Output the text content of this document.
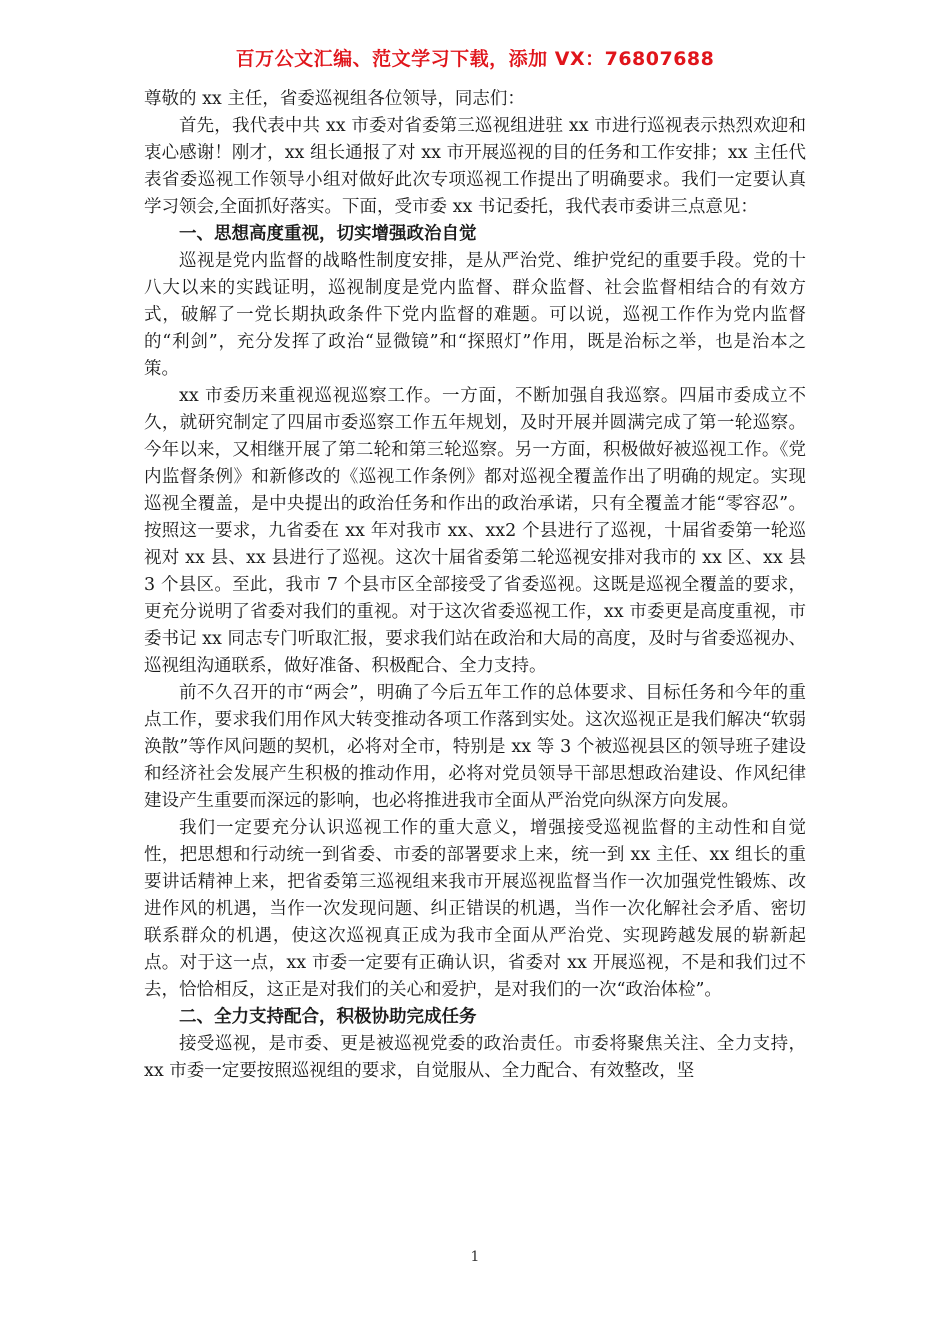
百万公文汇编、范文学习下载，添加 VX：76807688

尊敬的 xx 主任，省委巡视组各位领导，同志们：

首先，我代表中共 xx 市委对省委第三巡视组进驻 xx 市进行巡视表示热烈欢迎和衷心感谢！刚才，xx 组长通报了对 xx 市开展巡视的目的任务和工作安排；xx 主任代表省委巡视工作领导小组对做好此次专项巡视工作提出了明确要求。我们一定要认真学习领会,全面抓好落实。下面，受市委 xx 书记委托，我代表市委讲三点意见：

一、思想高度重视，切实增强政治自觉

巡视是党内监督的战略性制度安排，是从严治党、维护党纪的重要手段。党的十八大以来的实践证明，巡视制度是党内监督、群众监督、社会监督相结合的有效方式，破解了一党长期执政条件下党内监督的难题。可以说，巡视工作作为党内监督的“利剑”，充分发挥了政治“显微镜”和“探照灯”作用，既是治标之举，也是治本之策。

xx 市委历来重视巡视巡察工作。一方面，不断加强自我巡察。四届市委成立不久，就研究制定了四届市委巡察工作五年规划，及时开展并圆满完成了第一轮巡察。今年以来，又相继开展了第二轮和第三轮巡察。另一方面，积极做好被巡视工作。《党内监督条例》和新修改的《巡视工作条例》都对巡视全覆盖作出了明确的规定。实现巡视全覆盖，是中央提出的政治任务和作出的政治承诺，只有全覆盖才能“零容忍”。按照这一要求，九省委在 xx 年对我市 xx、xx2 个县进行了巡视，十届省委第一轮巡视对 xx 县、xx 县进行了巡视。这次十届省委第二轮巡视安排对我市的 xx 区、xx 县 3 个县区。至此，我市 7 个县市区全部接受了省委巡视。这既是巡视全覆盖的要求，更充分说明了省委对我们的重视。对于这次省委巡视工作，xx 市委更是高度重视，市委书记 xx 同志专门听取汇报，要求我们站在政治和大局的高度，及时与省委巡视办、巡视组沟通联系，做好准备、积极配合、全力支持。

前不久召开的市“两会”，明确了今后五年工作的总体要求、目标任务和今年的重点工作，要求我们用作风大转变推动各项工作落到实处。这次巡视正是我们解决“软弱涣散”等作风问题的契机，必将对全市，特别是 xx 等 3 个被巡视县区的领导班子建设和经济社会发展产生积极的推动作用，必将对党员领导干部思想政治建设、作风纪律建设产生重要而深远的影响，也必将推进我市全面从严治党向纵深方向发展。

我们一定要充分认识巡视工作的重大意义，增强接受巡视监督的主动性和自觉性，把思想和行动统一到省委、市委的部署要求上来，统一到 xx 主任、xx 组长的重要讲话精神上来，把省委第三巡视组来我市开展巡视监督当作一次加强党性锻炼、改进作风的机遇，当作一次发现问题、纠正错误的机遇，当作一次化解社会矛盾、密切联系群众的机遇，使这次巡视真正成为我市全面从严治党、实现跨越发展的崭新起点。对于这一点，xx 市委一定要有正确认识，省委对 xx 开展巡视，不是和我们过不去，恰恰相反，这正是对我们的关心和爱护，是对我们的一次“政治体检”。

二、全力支持配合，积极协助完成任务

接受巡视，是市委、更是被巡视党委的政治责任。市委将聚焦关注、全力支持，xx 市委一定要按照巡视组的要求，自觉服从、全力配合、有效整改，坚

1
